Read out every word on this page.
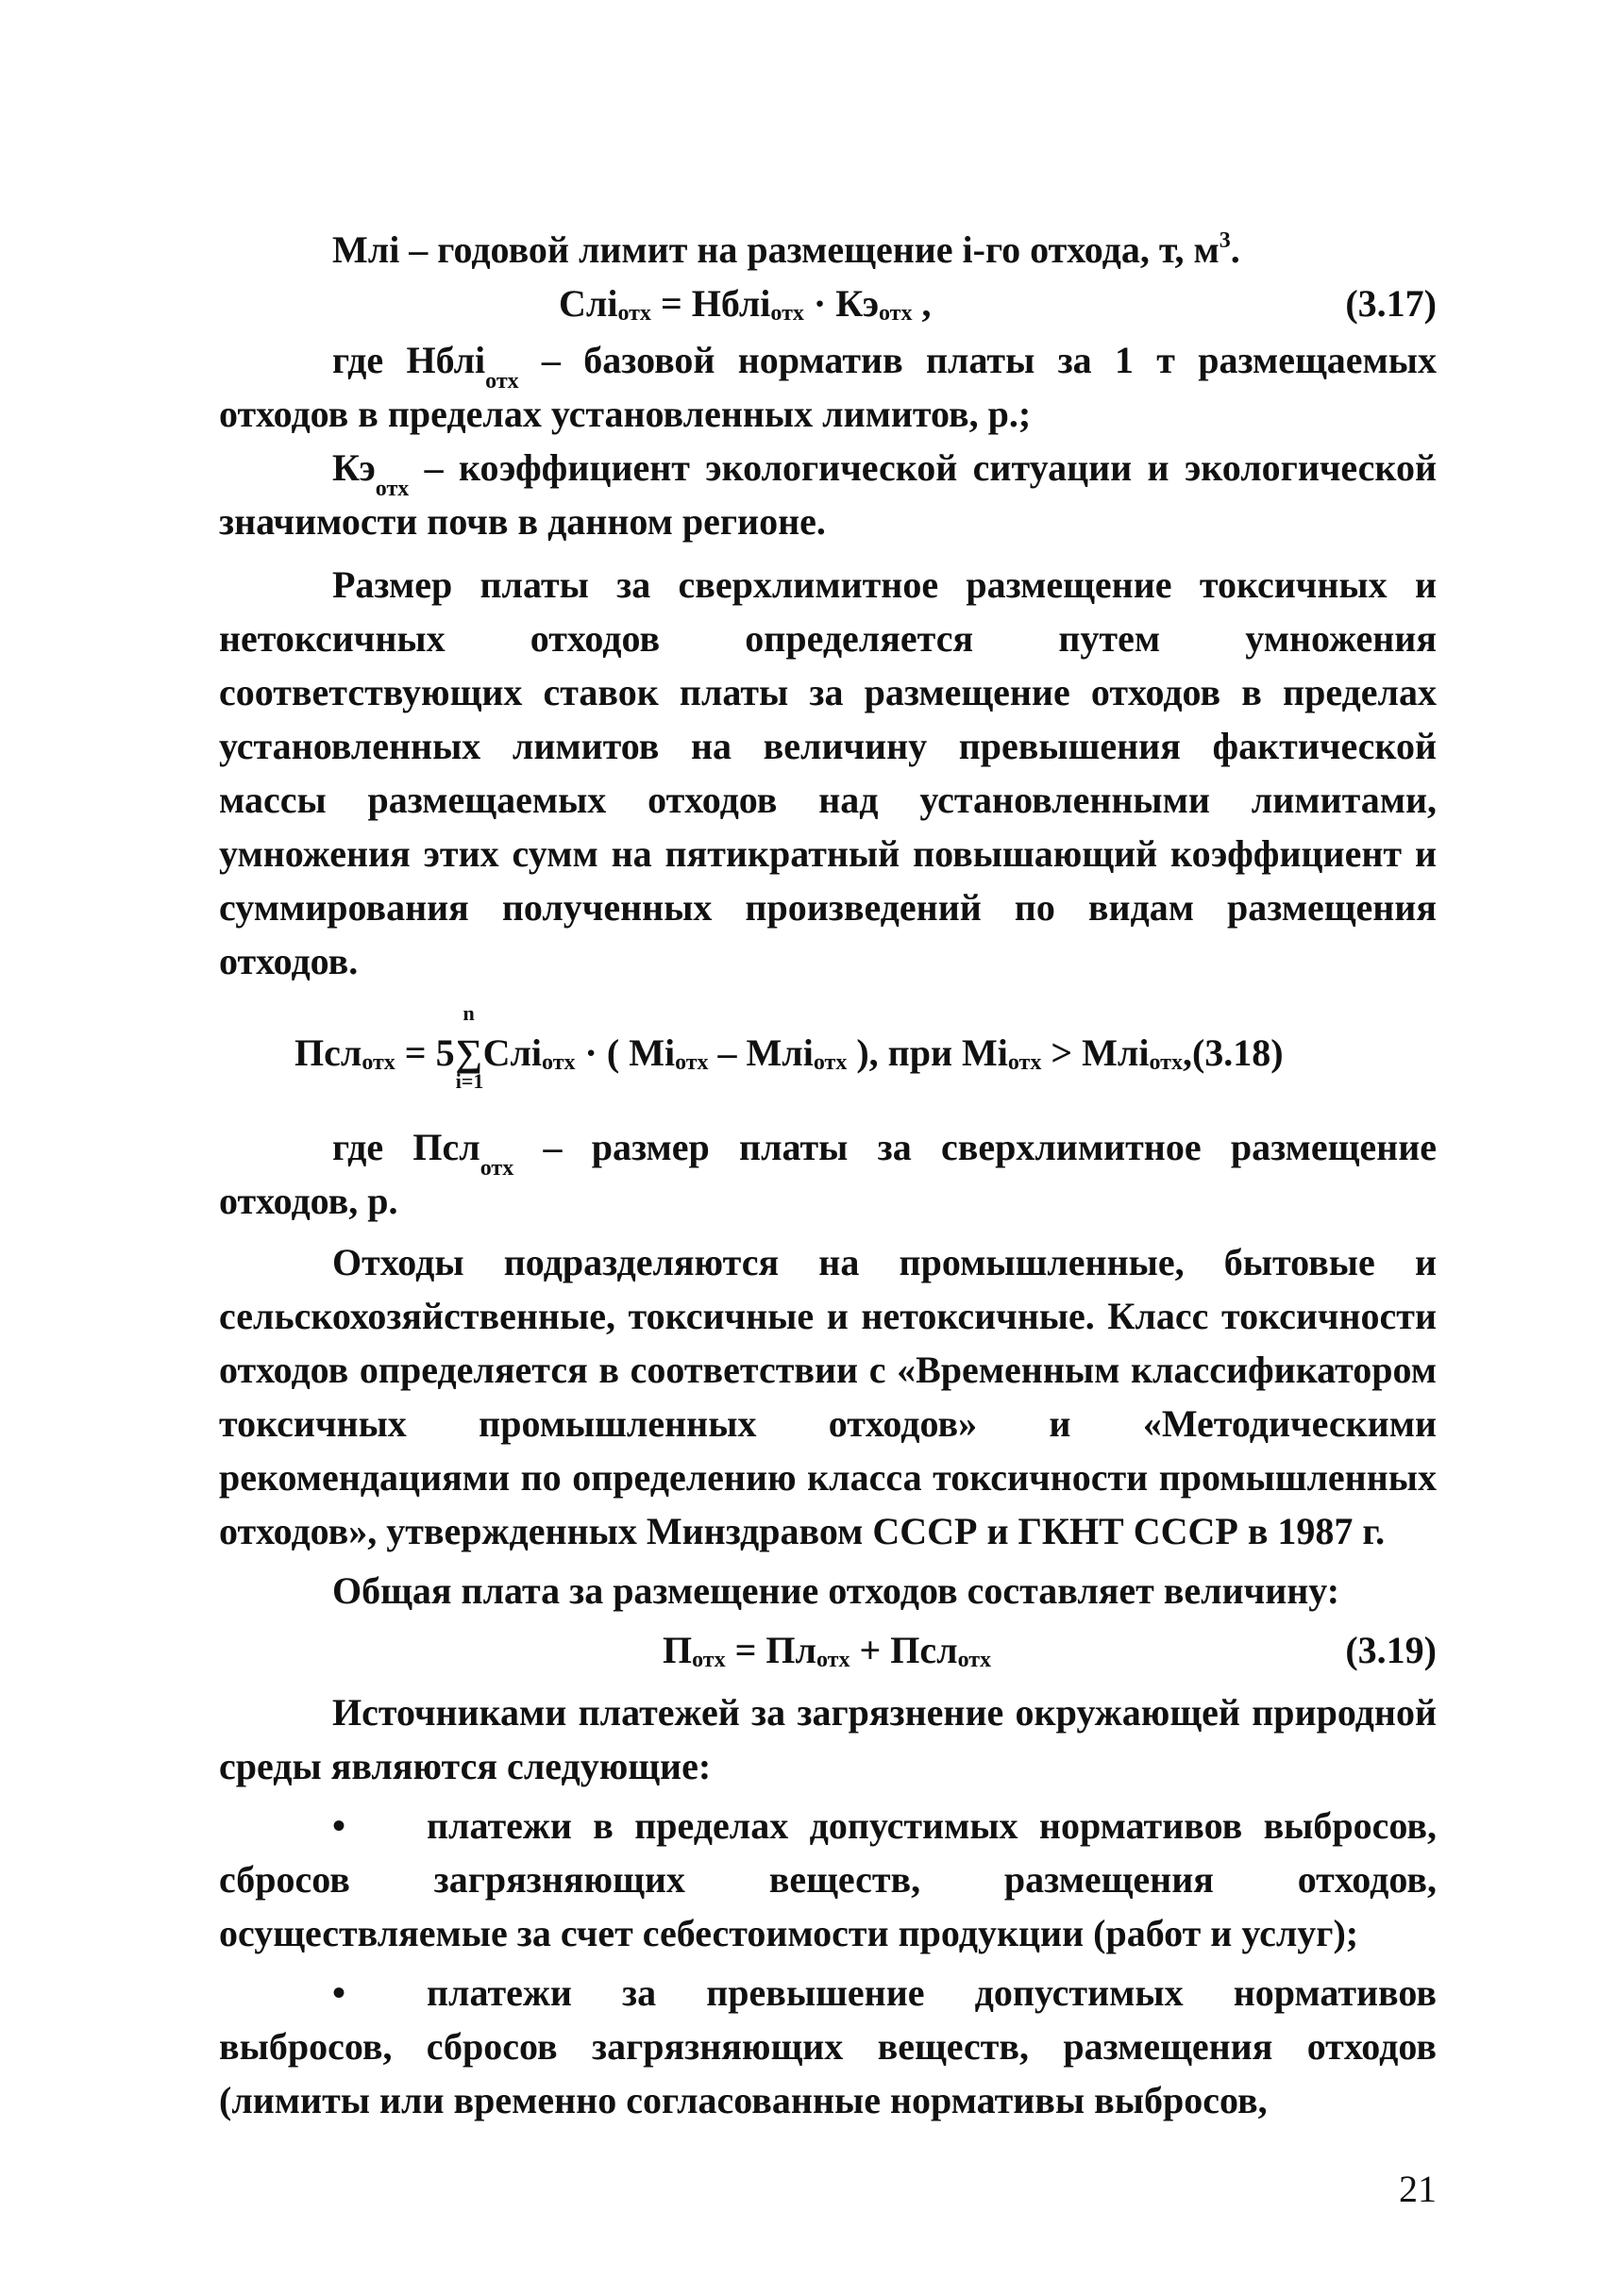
Млi – годовой лимит на размещение i-го отхода, т, $м^3$.

Слiотх = Нблiотх · Кэотх ,	(3.17)

где Нблi$_{отх}$ – базовой норматив платы за 1 т размещаемых отходов в пределах установленных лимитов, р.;

$Кэ_{отх}$ – коэффициент экологической ситуации и экологической значимости почв в данном регионе.

Размер платы за сверхлимитное размещение токсичных и нетоксичных отходов определяется путем умножения соответствующих ставок платы за размещение отходов в пределах установленных лимитов на величину превышения фактической массы размещаемых отходов над установленными лимитами, умножения этих сумм на пятикратный повышающий коэффициент и суммирования полученных произведений по видам размещения отходов.

Пслотх = 5
n
∑
i=1
Слiотх · ( Мiотх – Млiотх ), при Мiотх > Млiотх,(3.18)

где Псл$_{отх}$ – размер платы за сверхлимитное размещение отходов, р.

Отходы подразделяются на промышленные, бытовые и сельскохозяйственные, токсичные и нетоксичные. Класс токсичности отходов определяется в соответствии с «Временным классификатором токсичных промышленных отходов» и «Методическими рекомендациями по определению класса токсичности промышленных отходов», утвержденных Минздравом СССР и ГКНТ СССР в 1987 г.

Общая плата за размещение отходов составляет величину:

Потх = Плотх + Пслотх	(3.19)

Источниками платежей за загрязнение окружающей природной среды являются следующие:

• платежи в пределах допустимых нормативов выбросов, сбросов загрязняющих веществ, размещения отходов, осуществляемые за счет себестоимости продукции (работ и услуг);

• платежи за превышение допустимых нормативов выбросов, сбросов загрязняющих веществ, размещения отходов (лимиты или временно согласованные нормативы выбросов,

21
